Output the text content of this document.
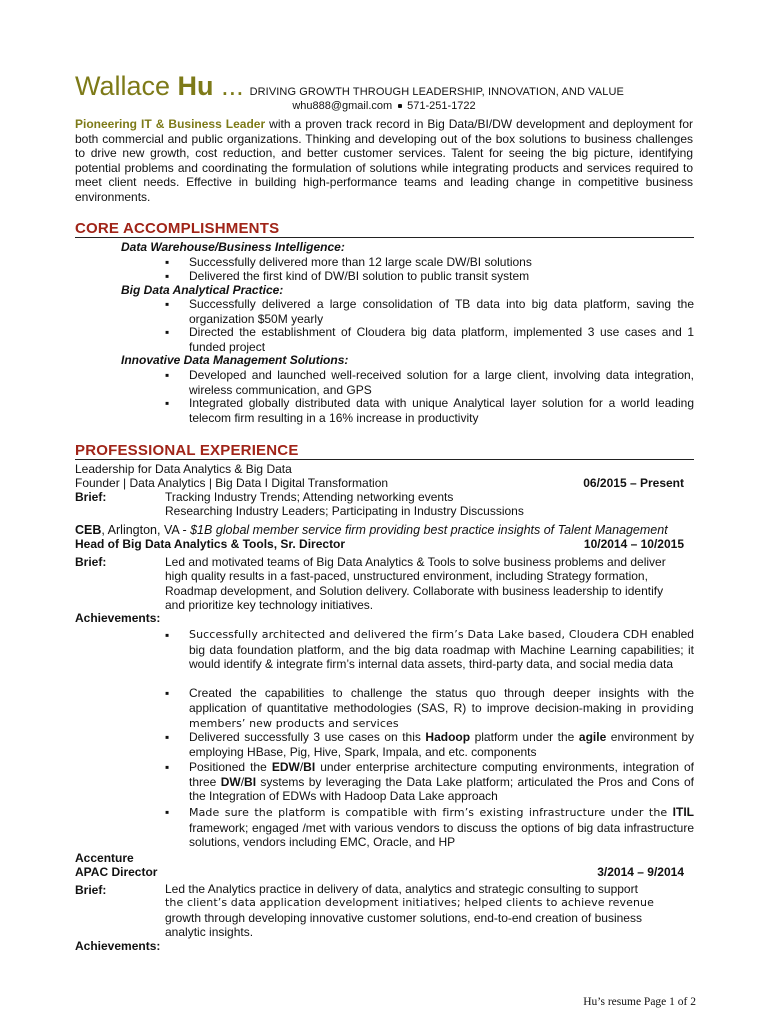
Wallace Hu ... DRIVING GROWTH THROUGH LEADERSHIP, INNOVATION, AND VALUE
whu888@gmail.com 571-251-1722
Pioneering IT & Business Leader with a proven track record in Big Data/BI/DW development and deployment for both commercial and public organizations. Thinking and developing out of the box solutions to business challenges to drive new growth, cost reduction, and better customer services. Talent for seeing the big picture, identifying potential problems and coordinating the formulation of solutions while integrating products and services required to meet client needs. Effective in building high-performance teams and leading change in competitive business environments.
CORE ACCOMPLISHMENTS
Data Warehouse/Business Intelligence:
▪ Successfully delivered more than 12 large scale DW/BI solutions
▪ Delivered the first kind of DW/BI solution to public transit system
Big Data Analytical Practice:
▪ Successfully delivered a large consolidation of TB data into big data platform, saving the organization $50M yearly
▪ Directed the establishment of Cloudera big data platform, implemented 3 use cases and 1 funded project
Innovative Data Management Solutions:
▪ Developed and launched well-received solution for a large client, involving data integration, wireless communication, and GPS
▪ Integrated globally distributed data with unique Analytical layer solution for a world leading telecom firm resulting in a 16% increase in productivity
PROFESSIONAL EXPERIENCE
Leadership for Data Analytics & Big Data
Founder | Data Analytics | Big Data I Digital Transformation	06/2015 – Present
Brief:	Tracking Industry Trends; Attending networking events
Researching Industry Leaders; Participating in Industry Discussions
CEB, Arlington, VA - $1B global member service firm providing best practice insights of Talent Management
Head of Big Data Analytics & Tools, Sr. Director	10/2014 – 10/2015
Brief:	Led and motivated teams of Big Data Analytics & Tools to solve business problems and deliver high quality results in a fast-paced, unstructured environment, including Strategy formation, Roadmap development, and Solution delivery. Collaborate with business leadership to identify and prioritize key technology initiatives.
Achievements:
▪ Successfully architected and delivered the firm’s Data Lake based, Cloudera CDH enabled big data foundation platform, and the big data roadmap with Machine Learning capabilities; it would identify & integrate firm’s internal data assets, third-party data, and social media data
▪ Created the capabilities to challenge the status quo through deeper insights with the application of quantitative methodologies (SAS, R) to improve decision-making in providing members’ new products and services
▪ Delivered successfully 3 use cases on this Hadoop platform under the agile environment by employing HBase, Pig, Hive, Spark, Impala, and etc. components
▪ Positioned the EDW/BI under enterprise architecture computing environments, integration of three DW/BI systems by leveraging the Data Lake platform; articulated the Pros and Cons of the Integration of EDWs with Hadoop Data Lake approach
▪ Made sure the platform is compatible with firm’s existing infrastructure under the ITIL framework; engaged /met with various vendors to discuss the options of big data infrastructure solutions, vendors including EMC, Oracle, and HP
Accenture
APAC Director	3/2014 – 9/2014
Brief:	Led the Analytics practice in delivery of data, analytics and strategic consulting to support
the client’s data application development initiatives; helped clients to achieve revenue
growth through developing innovative customer solutions, end-to-end creation of business analytic insights.
Achievements:
Hu’s resume Page 1 of 2
